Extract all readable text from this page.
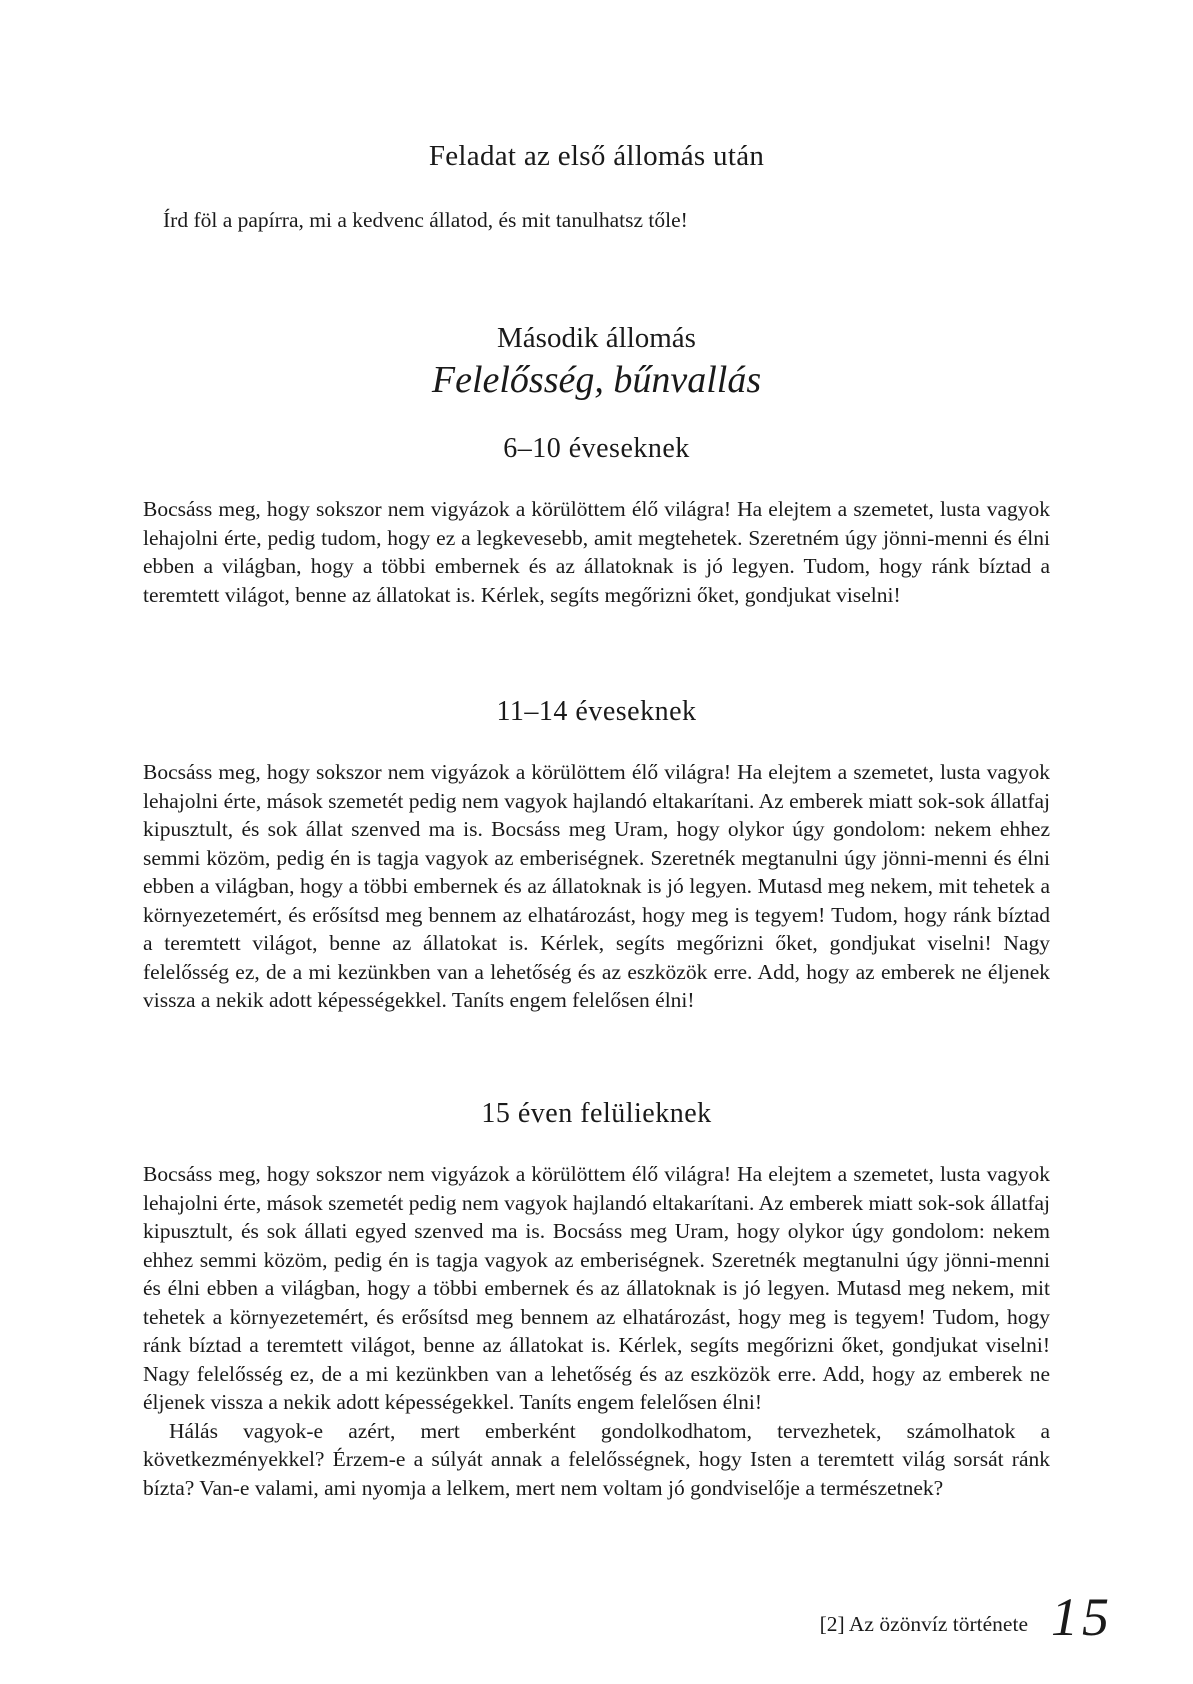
Feladat az első állomás után
Írd föl a papírra, mi a kedvenc állatod, és mit tanulhatsz tőle!
Második állomás
Felelősség, bűnvallás
6–10 éveseknek

Bocsáss meg, hogy sokszor nem vigyázok a körülöttem élő világra! Ha elejtem a szemetet, lusta vagyok lehajolni érte, pedig tudom, hogy ez a legkevesebb, amit megtehetek. Szeretném úgy jönni-menni és élni ebben a világban, hogy a többi embernek és az állatoknak is jó legyen. Tudom, hogy ránk bíztad a teremtett világot, benne az állatokat is. Kérlek, segíts megőrizni őket, gondjukat viselni!

11–14 éveseknek

Bocsáss meg, hogy sokszor nem vigyázok a körülöttem élő világra! Ha elejtem a szemetet, lusta vagyok lehajolni érte, mások szemetét pedig nem vagyok hajlandó eltakarítani. Az emberek miatt sok-sok állatfaj kipusztult, és sok állat szenved ma is. Bocsáss meg Uram, hogy olykor úgy gondolom: nekem ehhez semmi közöm, pedig én is tagja vagyok az emberiségnek. Szeretnék megtanulni úgy jönni-menni és élni ebben a világban, hogy a többi embernek és az állatoknak is jó legyen. Mutasd meg nekem, mit tehetek a környezetemért, és erősítsd meg bennem az elhatározást, hogy meg is tegyem! Tudom, hogy ránk bíztad a teremtett világot, benne az állatokat is. Kérlek, segíts megőrizni őket, gondjukat viselni! Nagy felelősség ez, de a mi kezünkben van a lehetőség és az eszközök erre. Add, hogy az emberek ne éljenek vissza a nekik adott képességekkel. Taníts engem felelősen élni!

15 éven felülieknek

Bocsáss meg, hogy sokszor nem vigyázok a körülöttem élő világra! Ha elejtem a szemetet, lusta vagyok lehajolni érte, mások szemetét pedig nem vagyok hajlandó eltakarítani. Az emberek miatt sok-sok állatfaj kipusztult, és sok állati egyed szenved ma is. Bocsáss meg Uram, hogy olykor úgy gondolom: nekem ehhez semmi közöm, pedig én is tagja vagyok az emberiségnek. Szeretnék megtanulni úgy jönni-menni és élni ebben a világban, hogy a többi embernek és az állatoknak is jó legyen. Mutasd meg nekem, mit tehetek a környezetemért, és erősítsd meg bennem az elhatározást, hogy meg is tegyem! Tudom, hogy ránk bíztad a teremtett világot, benne az állatokat is. Kérlek, segíts megőrizni őket, gondjukat viselni! Nagy felelősség ez, de a mi kezünkben van a lehetőség és az eszközök erre. Add, hogy az emberek ne éljenek vissza a nekik adott képességekkel. Taníts engem felelősen élni!

Hálás vagyok-e azért, mert emberként gondolkodhatom, tervezhetek, számolhatok a következményekkel? Érzem-e a súlyát annak a felelősségnek, hogy Isten a teremtett világ sorsát ránk bízta? Van-e valami, ami nyomja a lelkem, mert nem voltam jó gondviselője a természetnek?

[2] Az özönvíz története 15
